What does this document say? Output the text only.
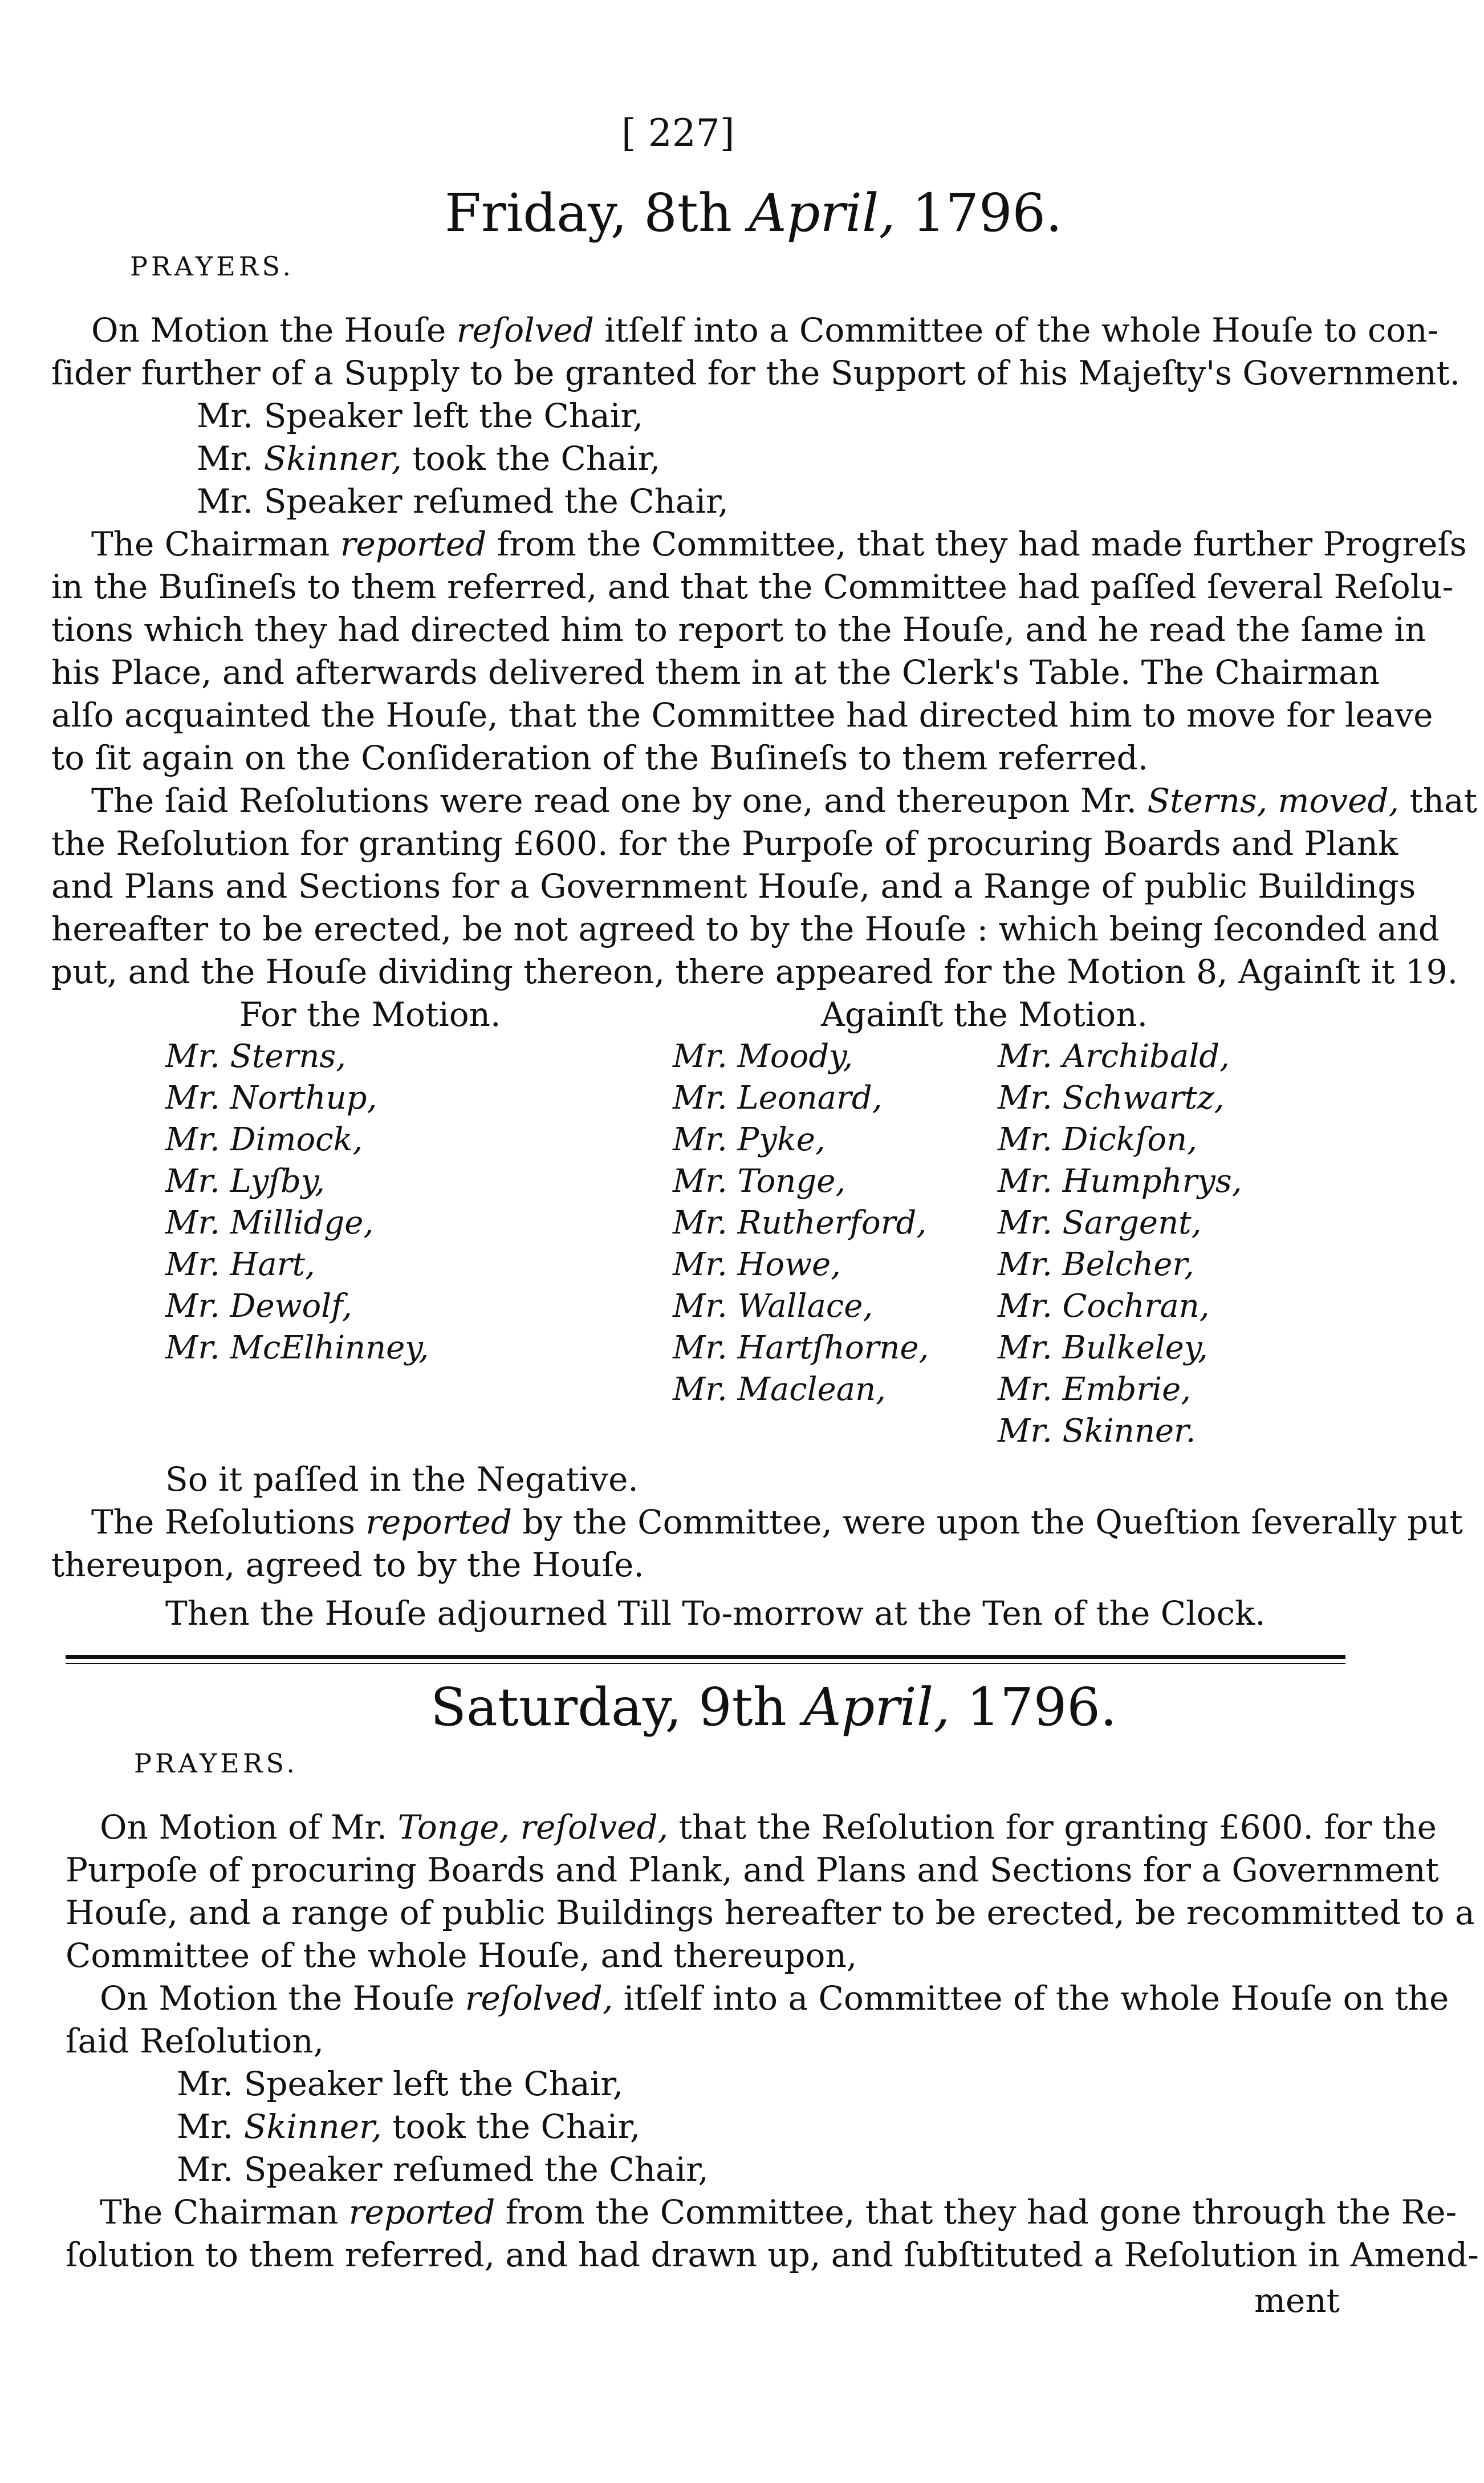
[ 227]
Friday, 8th April, 1796.
PRAYERS.
On Motion the Houſe reſolved itſelf into a Committee of the whole Houſe to con-
ſider further of a Supply to be granted for the Support of his Majeſty's Government.
Mr. Speaker left the Chair,
Mr. Skinner, took the Chair,
Mr. Speaker reſumed the Chair,
The Chairman reported from the Committee, that they had made further Progreſs
in the Buſineſs to them referred, and that the Committee had paſſed ſeveral Reſolu-
tions which they had directed him to report to the Houſe, and he read the ſame in
his Place, and afterwards delivered them in at the Clerk's Table. The Chairman
alſo acquainted the Houſe, that the Committee had directed him to move for leave
to ſit again on the Conſideration of the Buſineſs to them referred.
The ſaid Reſolutions were read one by one, and thereupon Mr. Sterns, moved, that
the Reſolution for granting £600. for the Purpoſe of procuring Boards and Plank
and Plans and Sections for a Government Houſe, and a Range of public Buildings
hereafter to be erected, be not agreed to by the Houſe : which being ſeconded and
put, and the Houſe dividing thereon, there appeared for the Motion 8, Againſt it 19.
For the Motion.	Againſt the Motion.
Mr. Sterns,
Mr. Northup,
Mr. Dimock,
Mr. Lyſby,
Mr. Millidge,
Mr. Hart,
Mr. Dewolf,
Mr. McElhinney,
Mr. Moody,
Mr. Leonard,
Mr. Pyke,
Mr. Tonge,
Mr. Rutherford,
Mr. Howe,
Mr. Wallace,
Mr. Hartſhorne,
Mr. Maclean,
Mr. Archibald,
Mr. Schwartz,
Mr. Dickſon,
Mr. Humphrys,
Mr. Sargent,
Mr. Belcher,
Mr. Cochran,
Mr. Bulkeley,
Mr. Embrie,
Mr. Skinner.
So it paſſed in the Negative.
The Reſolutions reported by the Committee, were upon the Queſtion ſeverally put
thereupon, agreed to by the Houſe.
Then the Houſe adjourned Till To-morrow at the Ten of the Clock.
Saturday, 9th April, 1796.
PRAYERS.
On Motion of Mr. Tonge, reſolved, that the Reſolution for granting £600. for the
Purpoſe of procuring Boards and Plank, and Plans and Sections for a Government
Houſe, and a range of public Buildings hereafter to be erected, be recommitted to a
Committee of the whole Houſe, and thereupon,
On Motion the Houſe reſolved, itſelf into a Committee of the whole Houſe on the
ſaid Reſolution,
Mr. Speaker left the Chair,
Mr. Skinner, took the Chair,
Mr. Speaker reſumed the Chair,
The Chairman reported from the Committee, that they had gone through the Re-
ſolution to them referred, and had drawn up, and ſubſtituted a Reſolution in Amend-
ment
